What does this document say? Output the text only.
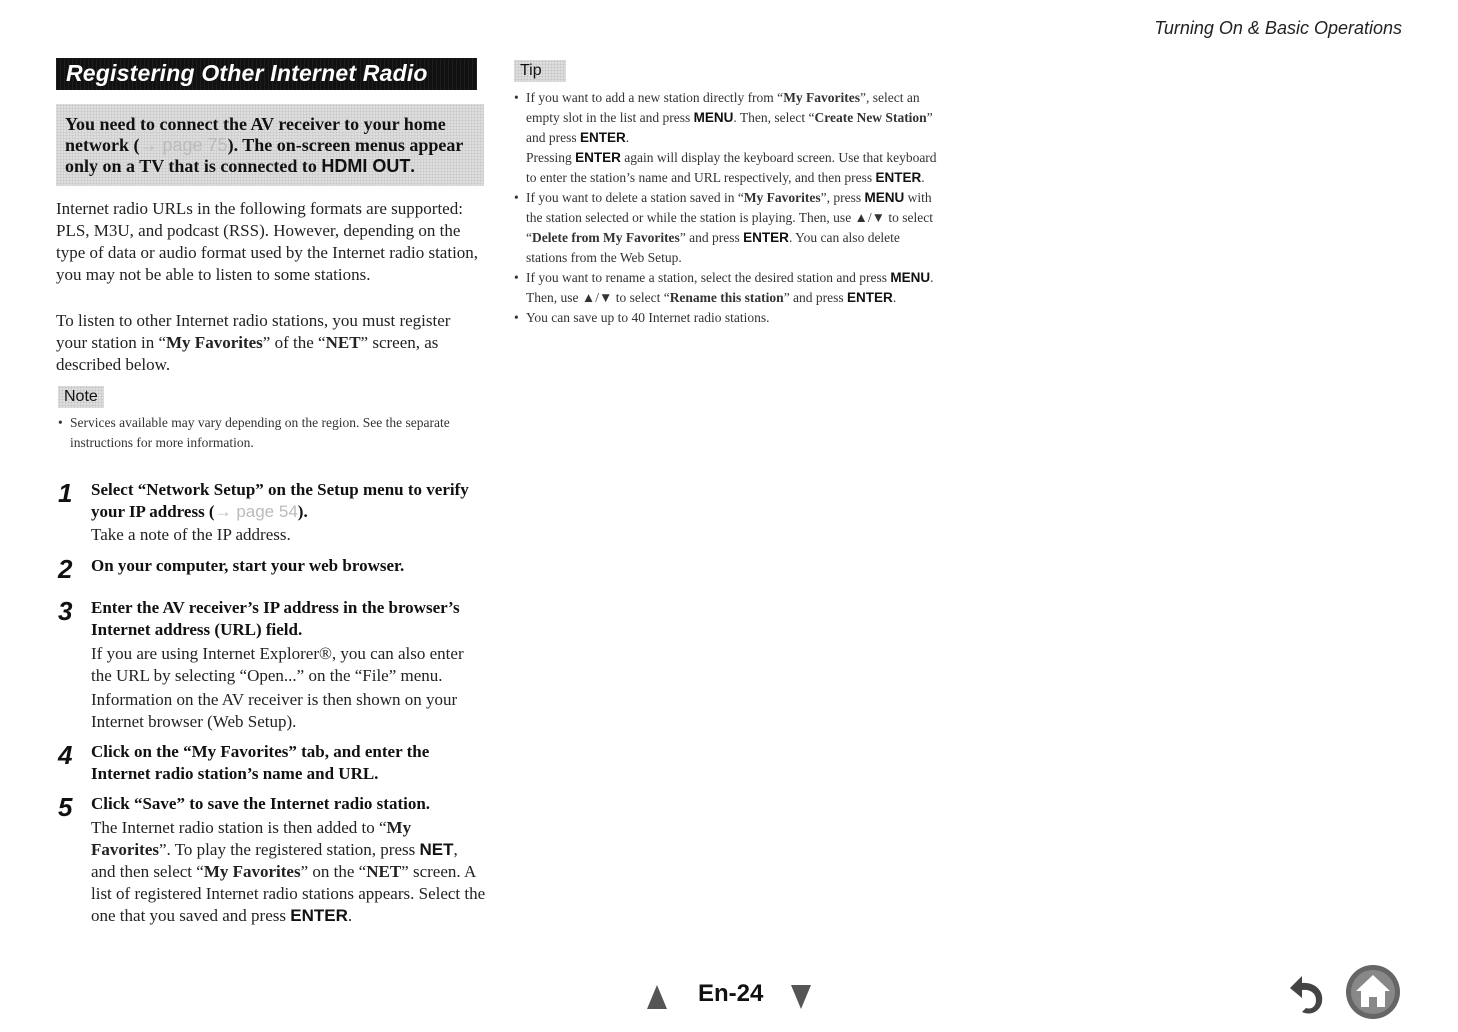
Turning On & Basic Operations
Registering Other Internet Radio
You need to connect the AV receiver to your home network (→ page 75). The on-screen menus appear only on a TV that is connected to HDMI OUT.
Internet radio URLs in the following formats are supported: PLS, M3U, and podcast (RSS). However, depending on the type of data or audio format used by the Internet radio station, you may not be able to listen to some stations.
To listen to other Internet radio stations, you must register your station in “My Favorites” of the “NET” screen, as described below.
Note
• Services available may vary depending on the region. See the separate instructions for more information.
1 Select “Network Setup” on the Setup menu to verify your IP address (→ page 54).
Take a note of the IP address.
2 On your computer, start your web browser.
3 Enter the AV receiver’s IP address in the browser’s Internet address (URL) field.
If you are using Internet Explorer®, you can also enter the URL by selecting “Open...” on the “File” menu.
Information on the AV receiver is then shown on your Internet browser (Web Setup).
4 Click on the “My Favorites” tab, and enter the Internet radio station’s name and URL.
5 Click “Save” to save the Internet radio station.
The Internet radio station is then added to “My Favorites”. To play the registered station, press NET, and then select “My Favorites” on the “NET” screen. A list of registered Internet radio stations appears. Select the one that you saved and press ENTER.
Tip
• If you want to add a new station directly from “My Favorites”, select an empty slot in the list and press MENU. Then, select “Create New Station” and press ENTER.
Pressing ENTER again will display the keyboard screen. Use that keyboard to enter the station’s name and URL respectively, and then press ENTER.
• If you want to delete a station saved in “My Favorites”, press MENU with the station selected or while the station is playing. Then, use ▲/▼ to select “Delete from My Favorites” and press ENTER. You can also delete stations from the Web Setup.
• If you want to rename a station, select the desired station and press MENU. Then, use ▲/▼ to select “Rename this station” and press ENTER.
• You can save up to 40 Internet radio stations.
En-24
